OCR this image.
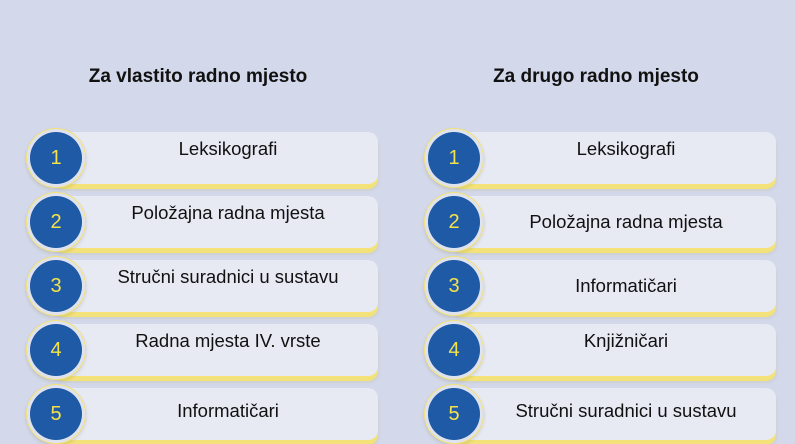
Za vlastito radno mjesto
1	Leksikografi
2	Položajna radna mjesta
3	Stručni suradnici u sustavu
4	Radna mjesta IV. vrste
5	Informatičari
Za drugo radno mjesto
1	Leksikografi
2	Položajna radna mjesta
3	Informatičari
4	Knjižničari
5	Stručni suradnici u sustavu
